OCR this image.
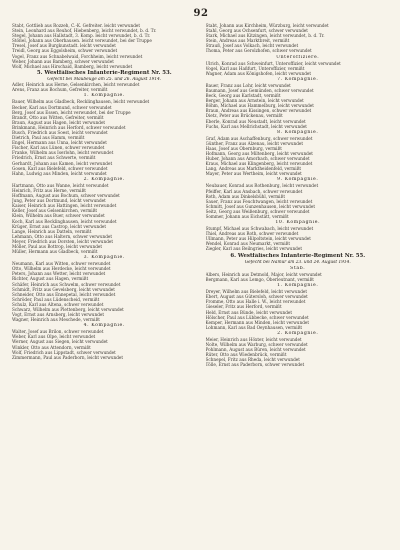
92
Stabt, Gottlieb aus Rozzeh, C.-K. Gefreiter. leicht verwundet
Stein, Leonhard aus Reuhof, Hiebenberg, leicht verwundet, b. d. Tr.
Stegel, Johann aus Hallstadt, 3. Komp. leicht verwundet, b. d. Tr.
Stößel, Johann aus Oberhausen. leicht verwundet, bei der Truppe
Tresel, Josef aus Burgkunstadt. leicht verwundet
Treidl, Georg aus Eggolsheim, schwer verwundet
Vogel, Franz aus Schnabelwaid, Forchheim, leicht verwundet
Weber, Johann aus Bamberg, schwer verwundet
Wolf, Michael aus Hirschaid, Bamberg, leicht verwundet
5. Westfälisches Infanterie-Regiment Nr. 53.
Gefecht bei Maubeuge am 25. und 26. August 1914.
Adler, Heinrich aus Herne, Gelsenkirchen, leicht verwundet
Arens, Franz aus Bochum, Gefreiter, vermißt
1. Kompagnie.
Bauer, Wilhelm aus Gladbeck, Recklinghausen, leicht verwundet
Becker, Karl aus Dortmund, schwer verwundet
Berg, Josef aus Essen, leicht verwundet, bei der Truppe
Brandt, Otto aus Witten, Gefreiter, vermißt
Braun, August aus Hagen, leicht verwundet
Brinkmann, Heinrich aus Herford, schwer verwundet
Busch, Friedrich aus Soest, leicht verwundet
Dietrich, Paul aus Hamm, vermißt
Engel, Hermann aus Unna, leicht verwundet
Fischer, Karl aus Lünen, schwer verwundet
Franke, Wilhelm aus Iserlohn, leicht verwundet
Friedrich, Ernst aus Schwerte, vermißt
Gerhardt, Johann aus Kamen, leicht verwundet
Gosen, Karl aus Bielefeld, schwer verwundet
Hahn, Ludwig aus Minden, leicht verwundet
2. Kompagnie.
Hartmann, Otto aus Wanne, leicht verwundet
Heinrich, Fritz aus Herne, vermißt
Hoffmann, August aus Bochum, schwer verwundet
Jung, Peter aus Dortmund, leicht verwundet
Kaiser, Heinrich aus Hattingen, leicht verwundet
Keller, Josef aus Gelsenkirchen, vermißt
Klein, Wilhelm aus Buer, schwer verwundet
Koch, Karl aus Recklinghausen, leicht verwundet
Krüger, Ernst aus Castrop, leicht verwundet
Lange, Heinrich aus Datteln, vermißt
Lehmann, Otto aus Haltern, schwer verwundet
Meyer, Friedrich aus Dorsten, leicht verwundet
Möller, Paul aus Bottrop, leicht verwundet
Müller, Hermann aus Gladbeck, vermißt
3. Kompagnie.
Neumann, Karl aus Witten, schwer verwundet
Otto, Wilhelm aus Herdecke, leicht verwundet
Peters, Johann aus Wetter, leicht verwundet
Richter, August aus Hagen, vermißt
Schäfer, Heinrich aus Schwelm, schwer verwundet
Schmidt, Fritz aus Gevelsberg, leicht verwundet
Schneider, Otto aus Ennepetal, leicht verwundet
Schröder, Paul aus Lüdenscheid, vermißt
Schulz, Karl aus Altena, schwer verwundet
Schwarz, Wilhelm aus Plettenberg, leicht verwundet
Vogt, Ernst aus Arnsberg, leicht verwundet
Wagner, Heinrich aus Meschede, vermißt
4. Kompagnie.
Walter, Josef aus Brilon, schwer verwundet
Weber, Karl aus Olpe, leicht verwundet
Werner, August aus Siegen, leicht verwundet
Winkler, Otto aus Attendorn, vermißt
Wolf, Friedrich aus Lippstadt, schwer verwundet
Zimmermann, Paul aus Paderborn, leicht verwundet
Stabt, Johann aus Kirchheim, Würzburg, leicht verwundet
Stahl, Georg aus Ochsenfurt, schwer verwundet
Stark, Michael aus Kitzingen, leicht verwundet, b. d. Tr.
Stein, Andreas aus Marktbreit, vermißt
Strauß, Josef aus Volkach, leicht verwundet
Thoma, Peter aus Gerolzhofen, schwer verwundet
Unteroffiziere.
Ulrich, Konrad aus Schweinfurt, Unteroffizier, leicht verwundet
Vogel, Karl aus Haßfurt, Unteroffizier, vermißt
Wagner, Adam aus Königshofen, leicht verwundet
7. Kompagnie.
Bauer, Franz aus Lohr, leicht verwundet
Baumann, Josef aus Gemünden, schwer verwundet
Beck, Georg aus Karlstadt, vermißt
Berger, Johann aus Arnstein, leicht verwundet
Böhm, Michael aus Hammelburg, leicht verwundet
Braun, Andreas aus Kissingen, schwer verwundet
Dietz, Peter aus Brückenau, vermißt
Eberle, Konrad aus Neustadt, leicht verwundet
Fuchs, Karl aus Mellrichstadt, leicht verwundet
8. Kompagnie.
Graf, Adam aus Aschaffenburg, schwer verwundet
Günther, Franz aus Alzenau, leicht verwundet
Haas, Josef aus Obernburg, vermißt
Hofmann, Georg aus Miltenberg, leicht verwundet
Huber, Johann aus Amorbach, schwer verwundet
Kraus, Michael aus Klingenberg, leicht verwundet
Lang, Andreas aus Marktheidenfeld, vermißt
Mayer, Peter aus Wertheim, leicht verwundet
9. Kompagnie.
Neubauer, Konrad aus Rothenburg, leicht verwundet
Pfeiffer, Karl aus Ansbach, schwer verwundet
Roth, Adam aus Dinkelsbühl, vermißt
Sauer, Franz aus Feuchtwangen, leicht verwundet
Schmitt, Josef aus Gunzenhausen, leicht verwundet
Seitz, Georg aus Weißenburg, schwer verwundet
Sommer, Johann aus Eichstätt, vermißt
10. Kompagnie.
Stumpf, Michael aus Schwabach, leicht verwundet
Thiel, Andreas aus Roth, schwer verwundet
Ullmann, Peter aus Hilpoltstein, leicht verwundet
Wendel, Konrad aus Neumarkt, vermißt
Ziegler, Karl aus Beilngries, leicht verwundet
6. Westfälisches Infanterie-Regiment Nr. 55.
Gefecht bei Namur am 23. und 24. August 1914.
Stab.
Albers, Heinrich aus Detmold, Major, leicht verwundet
Bergmann, Karl aus Lemgo, Oberleutnant, vermißt
1. Kompagnie.
Dreyer, Wilhelm aus Bielefeld, leicht verwundet
Ebert, August aus Gütersloh, schwer verwundet
Fromme, Otto aus Halle i. W., leicht verwundet
Gieseler, Fritz aus Herford, vermißt
Held, Ernst aus Bünde, leicht verwundet
Hölscher, Paul aus Lübbecke, schwer verwundet
Kemper, Hermann aus Minden, leicht verwundet
Lohmann, Karl aus Bad Oeynhausen, vermißt
2. Kompagnie.
Meier, Heinrich aus Höxter, leicht verwundet
Nolte, Wilhelm aus Warburg, schwer verwundet
Pohlmann, August aus Büren, leicht verwundet
Rüter, Otto aus Wiedenbrück, vermißt
Schnepel, Fritz aus Rheda, leicht verwundet
Tölle, Ernst aus Paderborn, schwer verwundet
